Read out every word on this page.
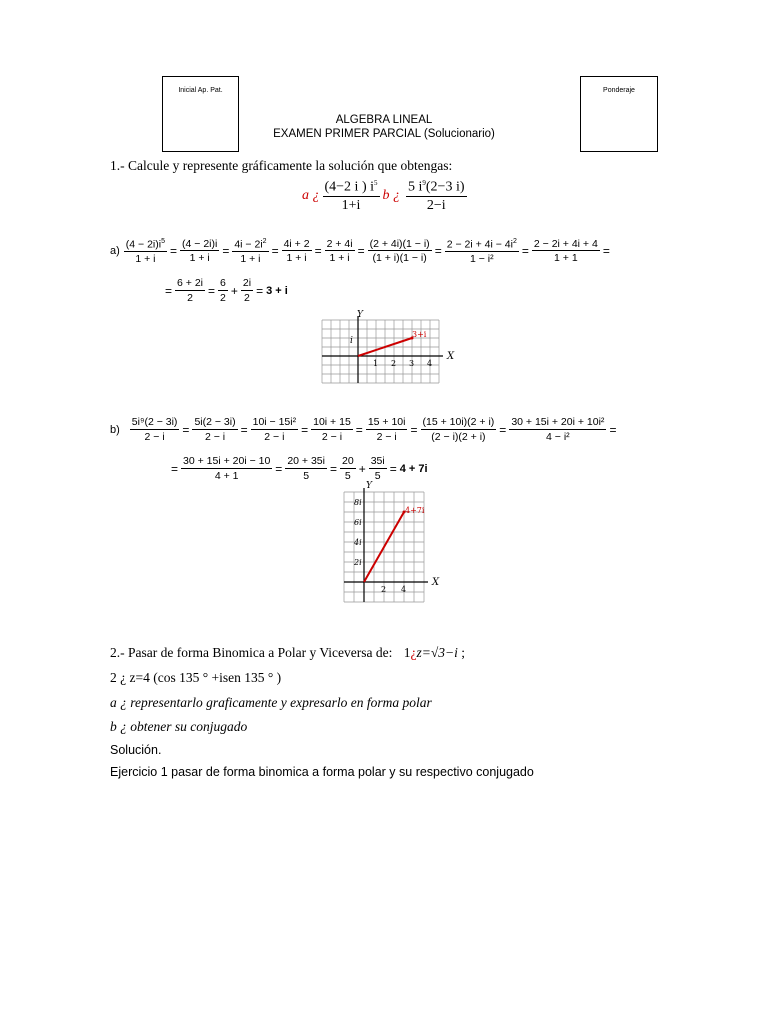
Inicial Ap. Pat.	Ponderaje
ALGEBRA LINEAL
EXAMEN PRIMER PARCIAL (Solucionario)
1.- Calcule y represente gráficamente la solución que obtengas:
a ¿ $\frac{(4-2 i ) i^5}{1+i}$ b ¿ $\frac{5 i^9(2-3 i)}{2-i}$
$a) \frac{(4 - 2i)i^5}{1 + i} = \frac{(4 - 2i)i}{1 + i} = \frac{4i - 2i^2}{1 + i} = \frac{4i + 2}{1 + i} = \frac{2 + 4i}{1 + i} = \frac{(2 + 4i)(1 - i)}{(1 + i)(1 - i)} = \frac{2 - 2i + 4i - 4i^2}{\text{1 − i²}} = \frac{2 - 2i + 4i + 4}{1 + 1}$ =
= $\frac{6 + 2i}{2} = \frac{6}{2} + \frac{2i}{2} = 3 + i$
Y
X
i
1 2 3 4
3+i
$b) \frac{\text{5i⁹(2 − 3i)}}{2 - i} = \frac{5i(2 - 3i)}{2 - i} = \frac{\text{10i − 15i²}}{2 - i} = \frac{10i + 15}{2 - i} = \frac{15 + 10i}{2 - i} = \frac{(15 + 10i)(2 + i)}{(2 - i)(2 + i)} = \frac{\text{30 + 15i + 20i + 10i²}}{\text{4 − i²}}$ =
= $\frac{30 + 15i + 20i - 10}{4 + 1} = \frac{20 + 35i}{5} = \frac{20}{5} + \frac{35i}{5} = 4 + 7i$
Y
X
8i
6i
4i
2i
2 4
4+7i
2.- Pasar de forma Binomica a Polar y Viceversa de: 1¿z=√3−i ;
2 ¿ z=4 (cos 135 ° +isen 135 ° )
a ¿ representarlo graficamente y expresarlo en forma polar
b ¿ obtener su conjugado
Solución.
Ejercicio 1 pasar de forma binomica a forma polar y su respectivo conjugado
